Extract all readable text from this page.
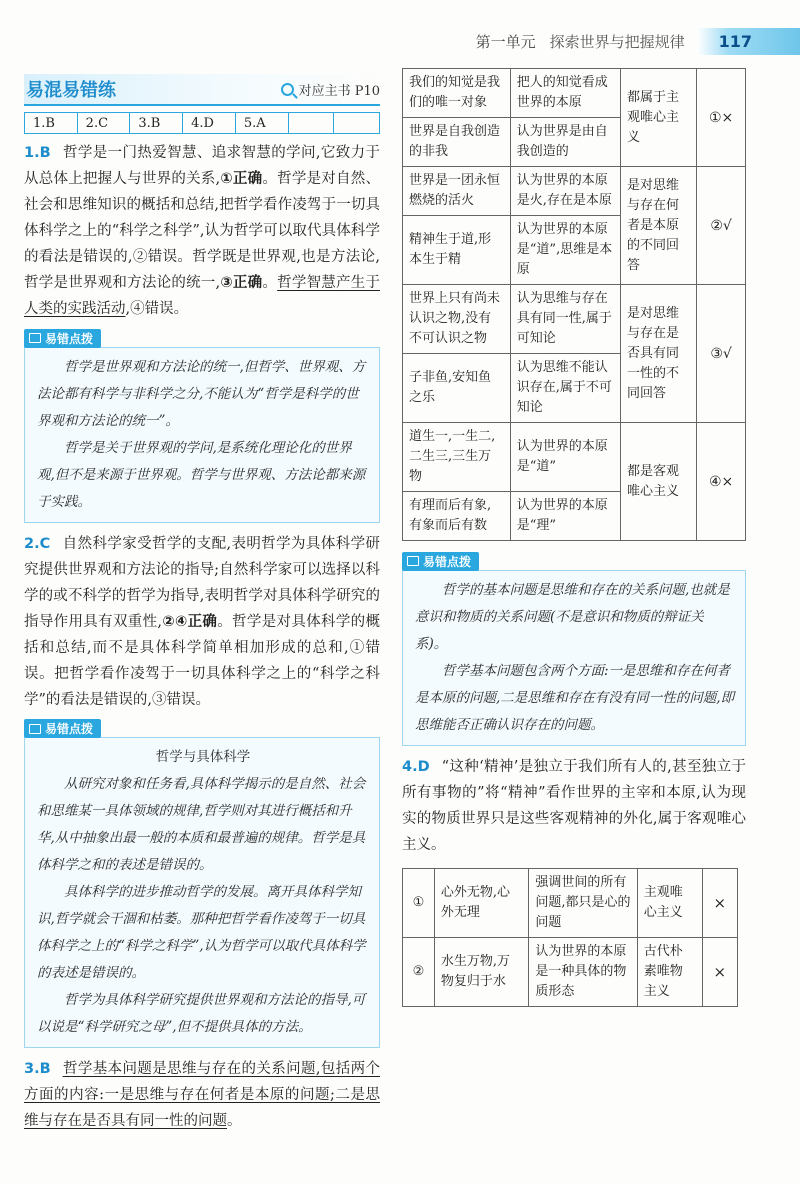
第一单元 探索世界与把握规律	117
易混易错练	对应主书 P10
1.B	2.C	3.B	4.D	5.A		
1.B 哲学是一门热爱智慧、追求智慧的学问,它致力于从总体上把握人与世界的关系,①正确。哲学是对自然、社会和思维知识的概括和总结,把哲学看作凌驾于一切具体科学之上的“科学之科学”,认为哲学可以取代具体科学的看法是错误的,②错误。哲学既是世界观,也是方法论,哲学是世界观和方法论的统一,③正确。哲学智慧产生于人类的实践活动,④错误。
易错点拨

哲学是世界观和方法论的统一,但哲学、世界观、方法论都有科学与非科学之分,不能认为“哲学是科学的世界观和方法论的统一”。

哲学是关于世界观的学问,是系统化理论化的世界观,但不是来源于世界观。哲学与世界观、方法论都来源于实践。

2.C 自然科学家受哲学的支配,表明哲学为具体科学研究提供世界观和方法论的指导;自然科学家可以选择以科学的或不科学的哲学为指导,表明哲学对具体科学研究的指导作用具有双重性,②④正确。哲学是对具体科学的概括和总结,而不是具体科学简单相加形成的总和,①错误。把哲学看作凌驾于一切具体科学之上的“科学之科学”的看法是错误的,③错误。
易错点拨

哲学与具体科学

从研究对象和任务看,具体科学揭示的是自然、社会和思维某一具体领域的规律,哲学则对其进行概括和升华,从中抽象出最一般的本质和最普遍的规律。哲学是具体科学之和的表述是错误的。

具体科学的进步推动哲学的发展。离开具体科学知识,哲学就会干涸和枯萎。那种把哲学看作凌驾于一切具体科学之上的“科学之科学”,认为哲学可以取代具体科学的表述是错误的。

哲学为具体科学研究提供世界观和方法论的指导,可以说是“科学研究之母”,但不提供具体的方法。

3.B 哲学基本问题是思维与存在的关系问题,包括两个方面的内容:一是思维与存在何者是本原的问题;二是思维与存在是否具有同一性的问题。
我们的知觉是我们的唯一对象	把人的知觉看成世界的本原	都属于主观唯心主义	①×
世界是自我创造的非我	认为世界是由自我创造的		
世界是一团永恒燃烧的活火	认为世界的本原是火,存在是本原	是对思维与存在何者是本原的不同回答	②√
精神生于道,形本生于精	认为世界的本原是“道”,思维是本原		
世界上只有尚未认识之物,没有不可认识之物	认为思维与存在具有同一性,属于可知论	是对思维与存在是否具有同一性的不同回答	③√
子非鱼,安知鱼之乐	认为思维不能认识存在,属于不可知论		
道生一,一生二,二生三,三生万物	认为世界的本原是“道”	都是客观唯心主义	④×
有理而后有象,有象而后有数	认为世界的本原是“理”		
易错点拨

哲学的基本问题是思维和存在的关系问题,也就是意识和物质的关系问题(不是意识和物质的辩证关系)。

哲学基本问题包含两个方面:一是思维和存在何者是本原的问题,二是思维和存在有没有同一性的问题,即思维能否正确认识存在的问题。

4.D “这种‘精神’是独立于我们所有人的,甚至独立于所有事物的”将“精神”看作世界的主宰和本原,认为现实的物质世界只是这些客观精神的外化,属于客观唯心主义。
①	心外无物,心外无理	强调世间的所有问题,都只是心的问题	主观唯心主义	×
②	水生万物,万物复归于水	认为世界的本原是一种具体的物质形态	古代朴素唯物主义	×
